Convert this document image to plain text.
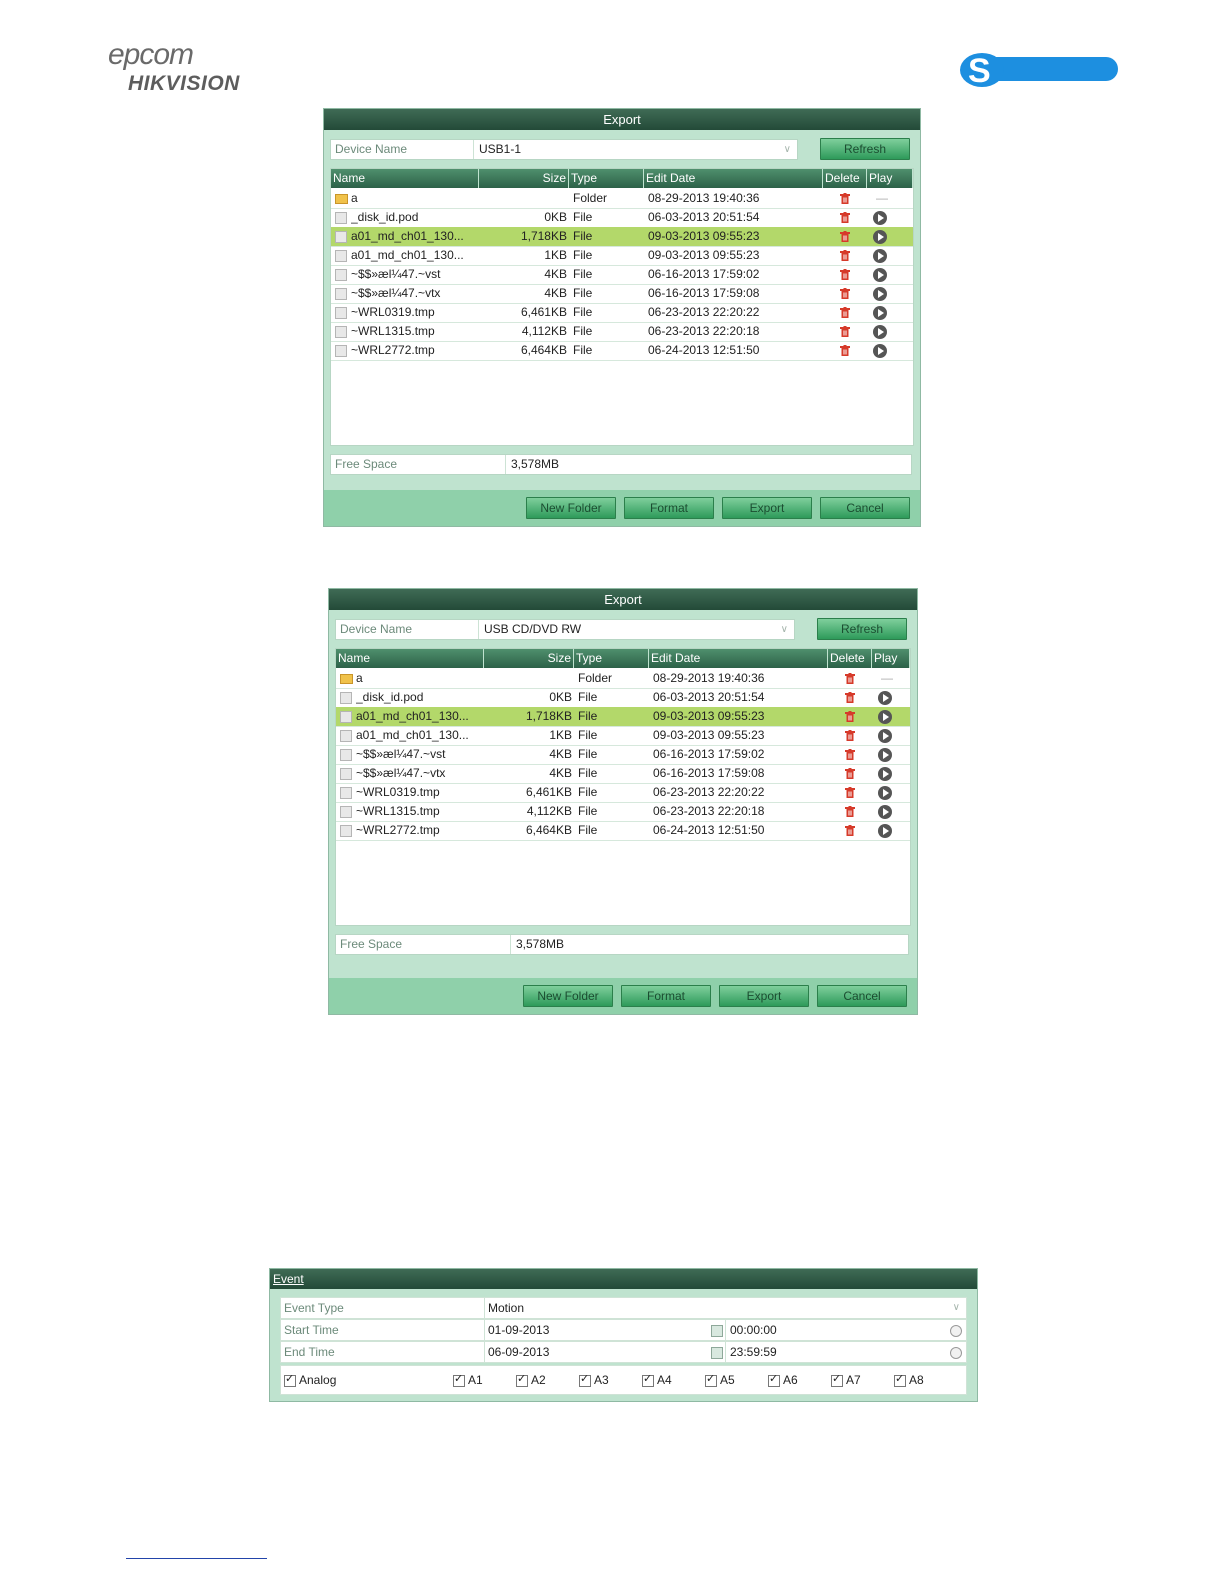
epcom
HIKVISION	S
Export
Device Name	USB1-1	∨	Refresh
Name	Size Type	Edit Date	Delete Play
a	Folder	08-29-2013 19:40:36	—
_disk_id.pod	0KB File	06-03-2013 20:51:54
a01_md_ch01_130...	1,718KB File	09-03-2013 09:55:23
a01_md_ch01_130...	1KB File	09-03-2013 09:55:23
~$$»æl¼47.~vst	4KB File	06-16-2013 17:59:02
~$$»æl¼47.~vtx	4KB File	06-16-2013 17:59:08
~WRL0319.tmp	6,461KB File	06-23-2013 22:20:22
~WRL1315.tmp	4,112KB File	06-23-2013 22:20:18
~WRL2772.tmp	6,464KB File	06-24-2013 12:51:50
Free Space	3,578MB
New Folder	Format	Export	Cancel
Export
Device Name	USB CD/DVD RW	∨	Refresh
Name	Size Type	Edit Date	Delete Play
a	Folder	08-29-2013 19:40:36	—
_disk_id.pod	0KB File	06-03-2013 20:51:54
a01_md_ch01_130...	1,718KB File	09-03-2013 09:55:23
a01_md_ch01_130...	1KB File	09-03-2013 09:55:23
~$$»æl¼47.~vst	4KB File	06-16-2013 17:59:02
~$$»æl¼47.~vtx	4KB File	06-16-2013 17:59:08
~WRL0319.tmp	6,461KB File	06-23-2013 22:20:22
~WRL1315.tmp	4,112KB File	06-23-2013 22:20:18
~WRL2772.tmp	6,464KB File	06-24-2013 12:51:50
Free Space	3,578MB
New Folder	Format	Export	Cancel
Event
Event Type	Motion	∨
Start Time	01-09-2013	00:00:00
End Time	06-09-2013	23:59:59
✓Analog ✓	A1 ✓	A2 ✓	A3 ✓	A4 ✓	A5 ✓	A6 ✓	A7 ✓	A8
